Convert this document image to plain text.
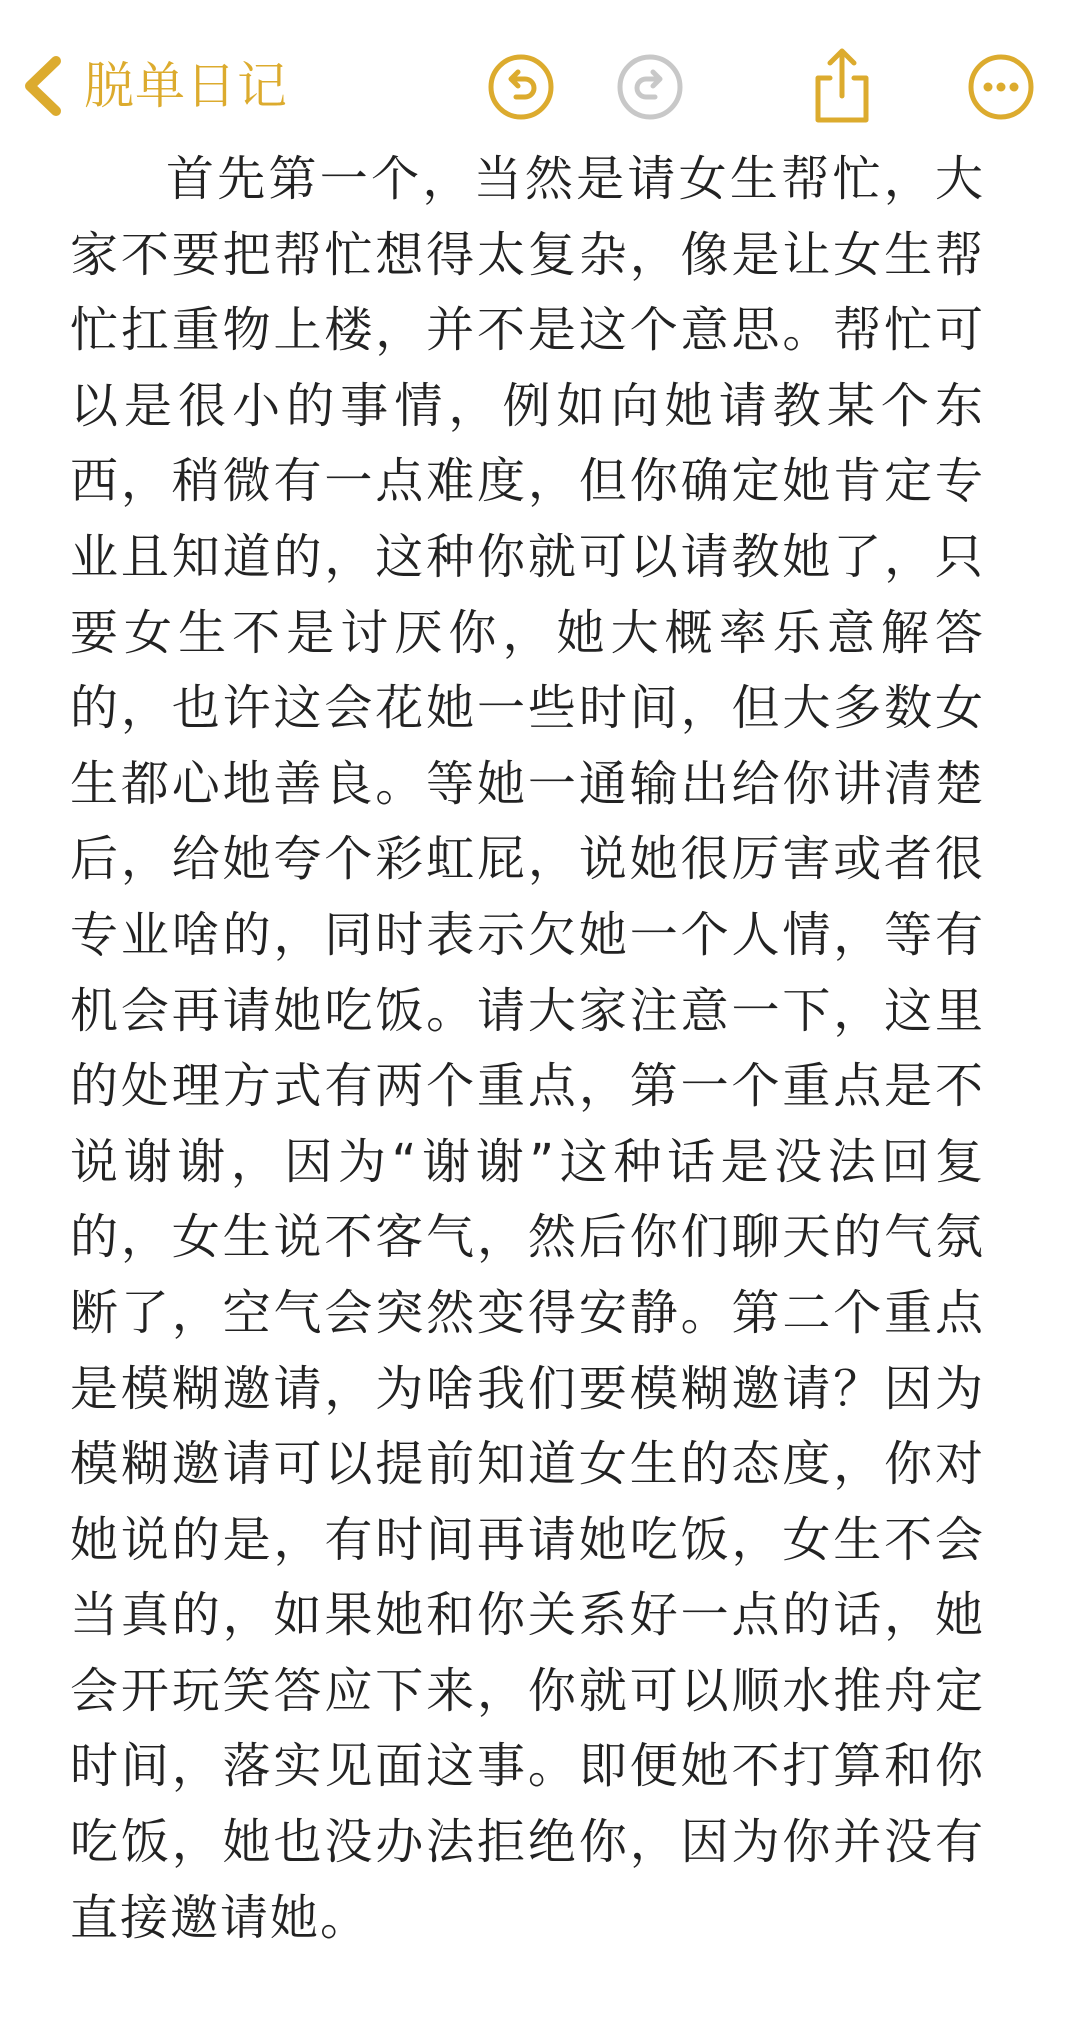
脱单日记

首先第一个，当然是请女生帮忙，大家不要把帮忙想得太复杂，像是让女生帮忙扛重物上楼，并不是这个意思。帮忙可以是很小的事情，例如向她请教某个东西，稍微有一点难度，但你确定她肯定专业且知道的，这种你就可以请教她了，只要女生不是讨厌你，她大概率乐意解答的，也许这会花她一些时间，但大多数女生都心地善良。等她一通输出给你讲清楚后，给她夸个彩虹屁，说她很厉害或者很专业啥的，同时表示欠她一个人情，等有机会再请她吃饭。请大家注意一下，这里的处理方式有两个重点，第一个重点是不说谢谢，因为“谢谢”这种话是没法回复的，女生说不客气，然后你们聊天的气氛断了，空气会突然变得安静。第二个重点是模糊邀请，为啥我们要模糊邀请？因为模糊邀请可以提前知道女生的态度，你对她说的是，有时间再请她吃饭，女生不会当真的，如果她和你关系好一点的话，她会开玩笑答应下来，你就可以顺水推舟定时间，落实见面这事。即便她不打算和你吃饭，她也没办法拒绝你，因为你并没有直接邀请她。
